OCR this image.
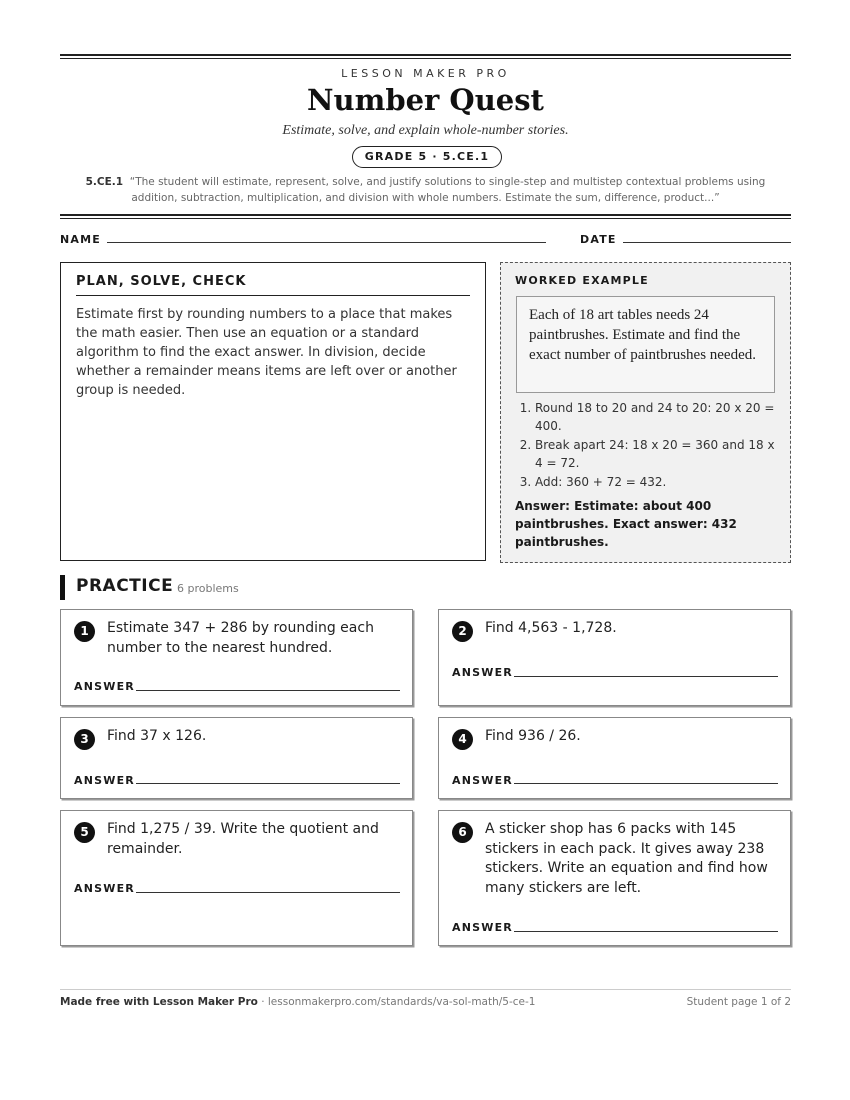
LESSON MAKER PRO
Number Quest
Estimate, solve, and explain whole-number stories.
GRADE 5 · 5.CE.1
5.CE.1 “The student will estimate, represent, solve, and justify solutions to single-step and multistep contextual problems using addition, subtraction, multiplication, and division with whole numbers. Estimate the sum, difference, product...”
NAME	DATE
PLAN, SOLVE, CHECK
Estimate first by rounding numbers to a place that makes the math easier. Then use an equation or a standard algorithm to find the exact answer. In division, decide whether a remainder means items are left over or another group is needed.
WORKED EXAMPLE
Each of 18 art tables needs 24 paintbrushes. Estimate and find the exact number of paintbrushes needed.
1. Round 18 to 20 and 24 to 20: 20 x 20 = 400.
2. Break apart 24: 18 x 20 = 360 and 18 x 4 = 72.
3. Add: 360 + 72 = 432.
Answer: Estimate: about 400 paintbrushes. Exact answer: 432 paintbrushes.
PRACTICE 6 problems
1	Estimate 347 + 286 by rounding each number to the nearest hundred.
ANSWER
2	Find 4,563 - 1,728.
ANSWER
3	Find 37 x 126.
ANSWER
4	Find 936 / 26.
ANSWER
5	Find 1,275 / 39. Write the quotient and remainder.
ANSWER
6	A sticker shop has 6 packs with 145 stickers in each pack. It gives away 238 stickers. Write an equation and find how many stickers are left.
ANSWER
Made free with Lesson Maker Pro · lessonmakerpro.com/standards/va-sol-math/5-ce-1	Student page 1 of 2
